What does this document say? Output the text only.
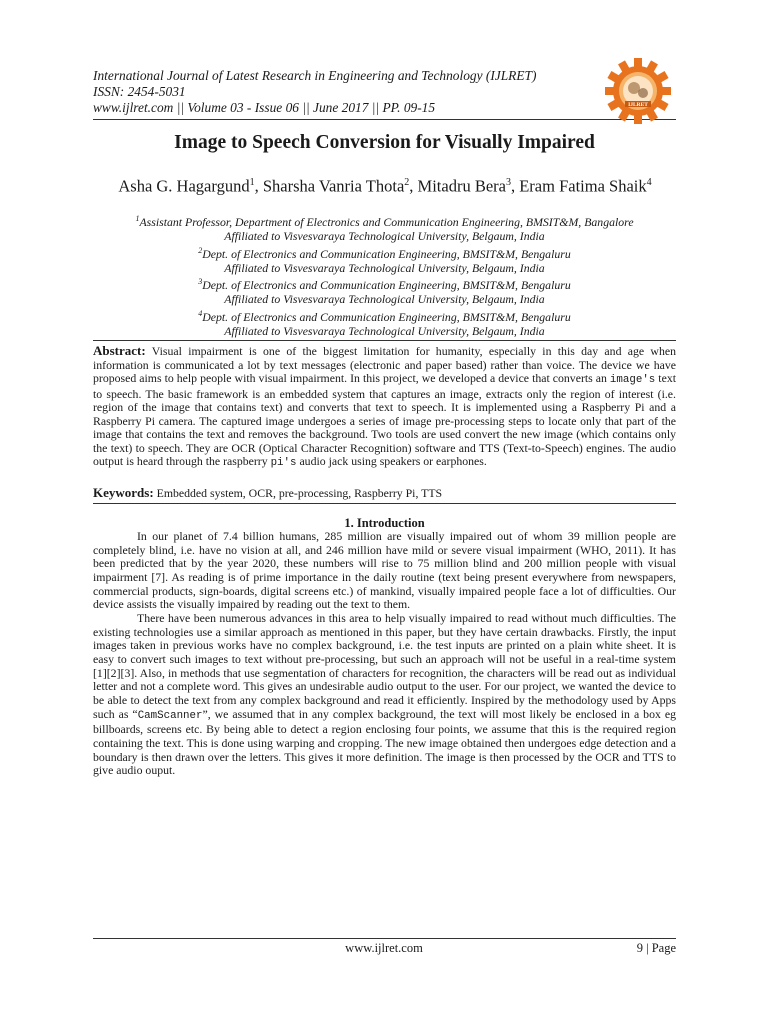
International Journal of Latest Research in Engineering and Technology (IJLRET)
ISSN: 2454-5031
www.ijlret.com || Volume 03 - Issue 06 || June 2017 || PP. 09-15	IJLRET
Image to Speech Conversion for Visually Impaired
Asha G. Hagargund$^1$, Sharsha Vanria Thota$^2$, Mitadru Bera$^3$, Eram Fatima Shaik$^4$
$^1$Assistant Professor, Department of Electronics and Communication Engineering, BMSIT&M, Bangalore
Affiliated to Visvesvaraya Technological University, Belgaum, India
$^2$Dept. of Electronics and Communication Engineering, BMSIT&M, Bengaluru
Affiliated to Visvesvaraya Technological University, Belgaum, India
$^3$Dept. of Electronics and Communication Engineering, BMSIT&M, Bengaluru
Affiliated to Visvesvaraya Technological University, Belgaum, India
$^4$Dept. of Electronics and Communication Engineering, BMSIT&M, Bengaluru
Affiliated to Visvesvaraya Technological University, Belgaum, India
Abstract: Visual impairment is one of the biggest limitation for humanity, especially in this day and age when information is communicated a lot by text messages (electronic and paper based) rather than voice. The device we have proposed aims to help people with visual impairment. In this project, we developed a device that converts an image's text to speech. The basic framework is an embedded system that captures an image, extracts only the region of interest (i.e. region of the image that contains text) and converts that text to speech. It is implemented using a Raspberry Pi and a Raspberry Pi camera. The captured image undergoes a series of image pre-processing steps to locate only that part of the image that contains the text and removes the background. Two tools are used convert the new image (which contains only the text) to speech. They are OCR (Optical Character Recognition) software and TTS (Text-to-Speech) engines. The audio output is heard through the raspberry pi's audio jack using speakers or earphones.
Keywords: Embedded system, OCR, pre-processing, Raspberry Pi, TTS
1. Introduction

In our planet of 7.4 billion humans, 285 million are visually impaired out of whom 39 million people are completely blind, i.e. have no vision at all, and 246 million have mild or severe visual impairment (WHO, 2011). It has been predicted that by the year 2020, these numbers will rise to 75 million blind and 200 million people with visual impairment [7]. As reading is of prime importance in the daily routine (text being present everywhere from newspapers, commercial products, sign-boards, digital screens etc.) of mankind, visually impaired people face a lot of difficulties. Our device assists the visually impaired by reading out the text to them.

There have been numerous advances in this area to help visually impaired to read without much difficulties. The existing technologies use a similar approach as mentioned in this paper, but they have certain drawbacks. Firstly, the input images taken in previous works have no complex background, i.e. the test inputs are printed on a plain white sheet. It is easy to convert such images to text without pre-processing, but such an approach will not be useful in a real-time system [1][2][3]. Also, in methods that use segmentation of characters for recognition, the characters will be read out as individual letter and not a complete word. This gives an undesirable audio output to the user. For our project, we wanted the device to be able to detect the text from any complex background and read it efficiently. Inspired by the methodology used by Apps such as “CamScanner”, we assumed that in any complex background, the text will most likely be enclosed in a box eg billboards, screens etc. By being able to detect a region enclosing four points, we assume that this is the required region containing the text. This is done using warping and cropping. The new image obtained then undergoes edge detection and a boundary is then drawn over the letters. This gives it more definition. The image is then processed by the OCR and TTS to give audio ouput.

www.ijlret.com	9 | Page
